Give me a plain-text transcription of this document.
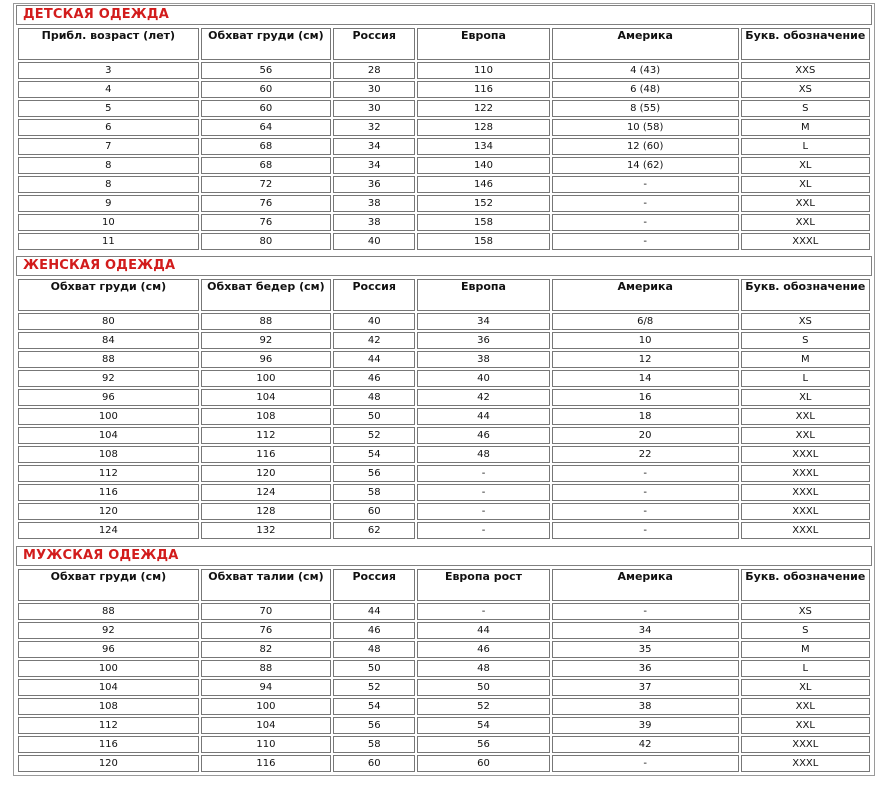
ДЕТСКАЯ ОДЕЖДА
Прибл. возраст (лет)	Обхват груди (см)	Россия	Европа	Америка	Букв. обозначение
3	56	28	110	4 (43)	XXS
4	60	30	116	6 (48)	XS
5	60	30	122	8 (55)	S
6	64	32	128	10 (58)	M
7	68	34	134	12 (60)	L
8	68	34	140	14 (62)	XL
8	72	36	146	-	XL
9	76	38	152	-	XXL
10	76	38	158	-	XXL
11	80	40	158	-	XXXL
ЖЕНСКАЯ ОДЕЖДА
Обхват груди (см)	Обхват бедер (см)	Россия	Европа	Америка	Букв. обозначение
80	88	40	34	6/8	XS
84	92	42	36	10	S
88	96	44	38	12	M
92	100	46	40	14	L
96	104	48	42	16	XL
100	108	50	44	18	XXL
104	112	52	46	20	XXL
108	116	54	48	22	XXXL
112	120	56	-	-	XXXL
116	124	58	-	-	XXXL
120	128	60	-	-	XXXL
124	132	62	-	-	XXXL
МУЖСКАЯ ОДЕЖДА
Обхват груди (см)	Обхват талии (см)	Россия	Европа рост	Америка	Букв. обозначение
88	70	44	-	-	XS
92	76	46	44	34	S
96	82	48	46	35	M
100	88	50	48	36	L
104	94	52	50	37	XL
108	100	54	52	38	XXL
112	104	56	54	39	XXL
116	110	58	56	42	XXXL
120	116	60	60	-	XXXL
